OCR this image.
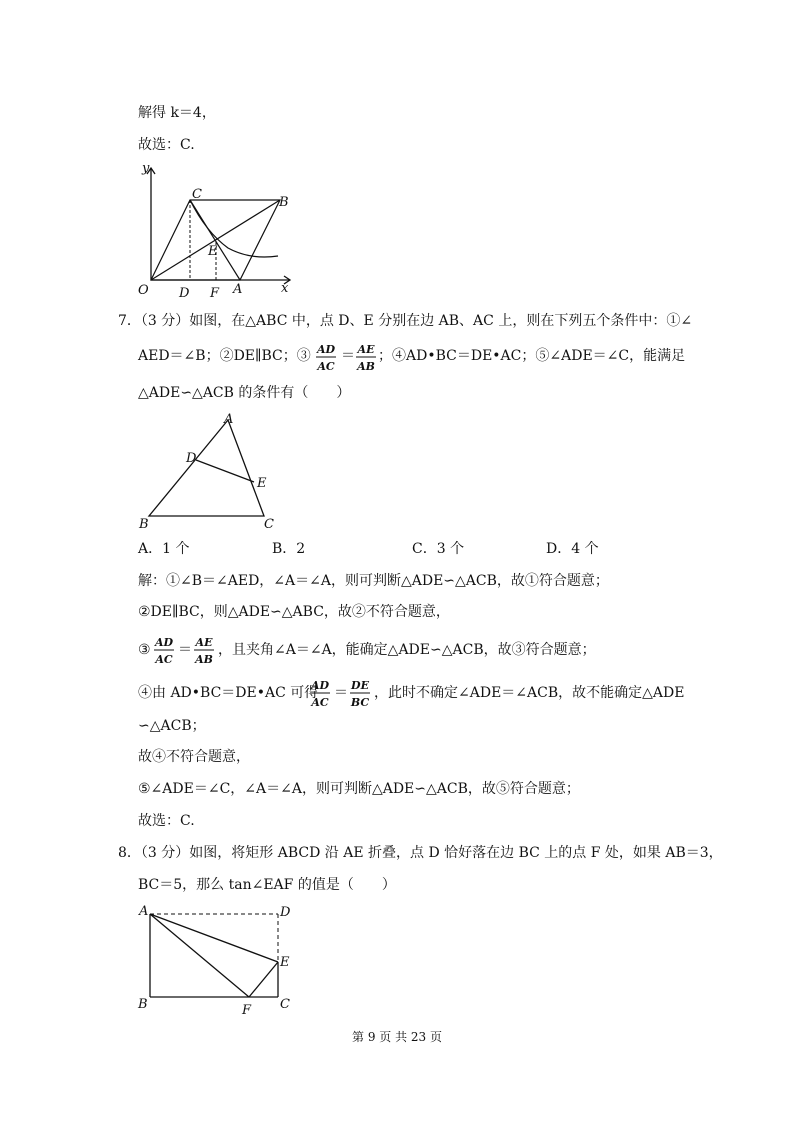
解得 k＝4，
故选：C.
y
x
O
C
B
E
D F A
7．（3 分）如图，在△ABC 中，点 D、E 分别在边 AB、AC 上，则在下列五个条件中：①∠
AED＝∠B；②DE∥BC；③ AD
AC
＝ AE
AB
；④AD•BC＝DE•AC；⑤∠ADE＝∠C，能满足
△ADE∽△ACB 的条件有（　　）
A
D
E
B	C
A．1 个	B．2	C．3 个	D．4 个
解：①∠B＝∠AED，∠A＝∠A，则可判断△ADE∽△ACB，故①符合题意；
②DE∥BC，则△ADE∽△ABC，故②不符合题意，
③ AD
AC
＝ AE
AB
，且夹角∠A＝∠A，能确定△ADE∽△ACB，故③符合题意；
④由 AD•BC＝DE•AC 可得
AD
AC
＝ DE
BC
，此时不确定∠ADE＝∠ACB，故不能确定△ADE
∽△ACB；
故④不符合题意，
⑤∠ADE＝∠C，∠A＝∠A，则可判断△ADE∽△ACB，故⑤符合题意；
故选：C.
8．（3 分）如图，将矩形 ABCD 沿 AE 折叠，点 D 恰好落在边 BC 上的点 F 处，如果 AB＝3，
BC＝5，那么 tan∠EAF 的值是（　　）
A	D
E
B	F C
第 9 页 共 23 页
